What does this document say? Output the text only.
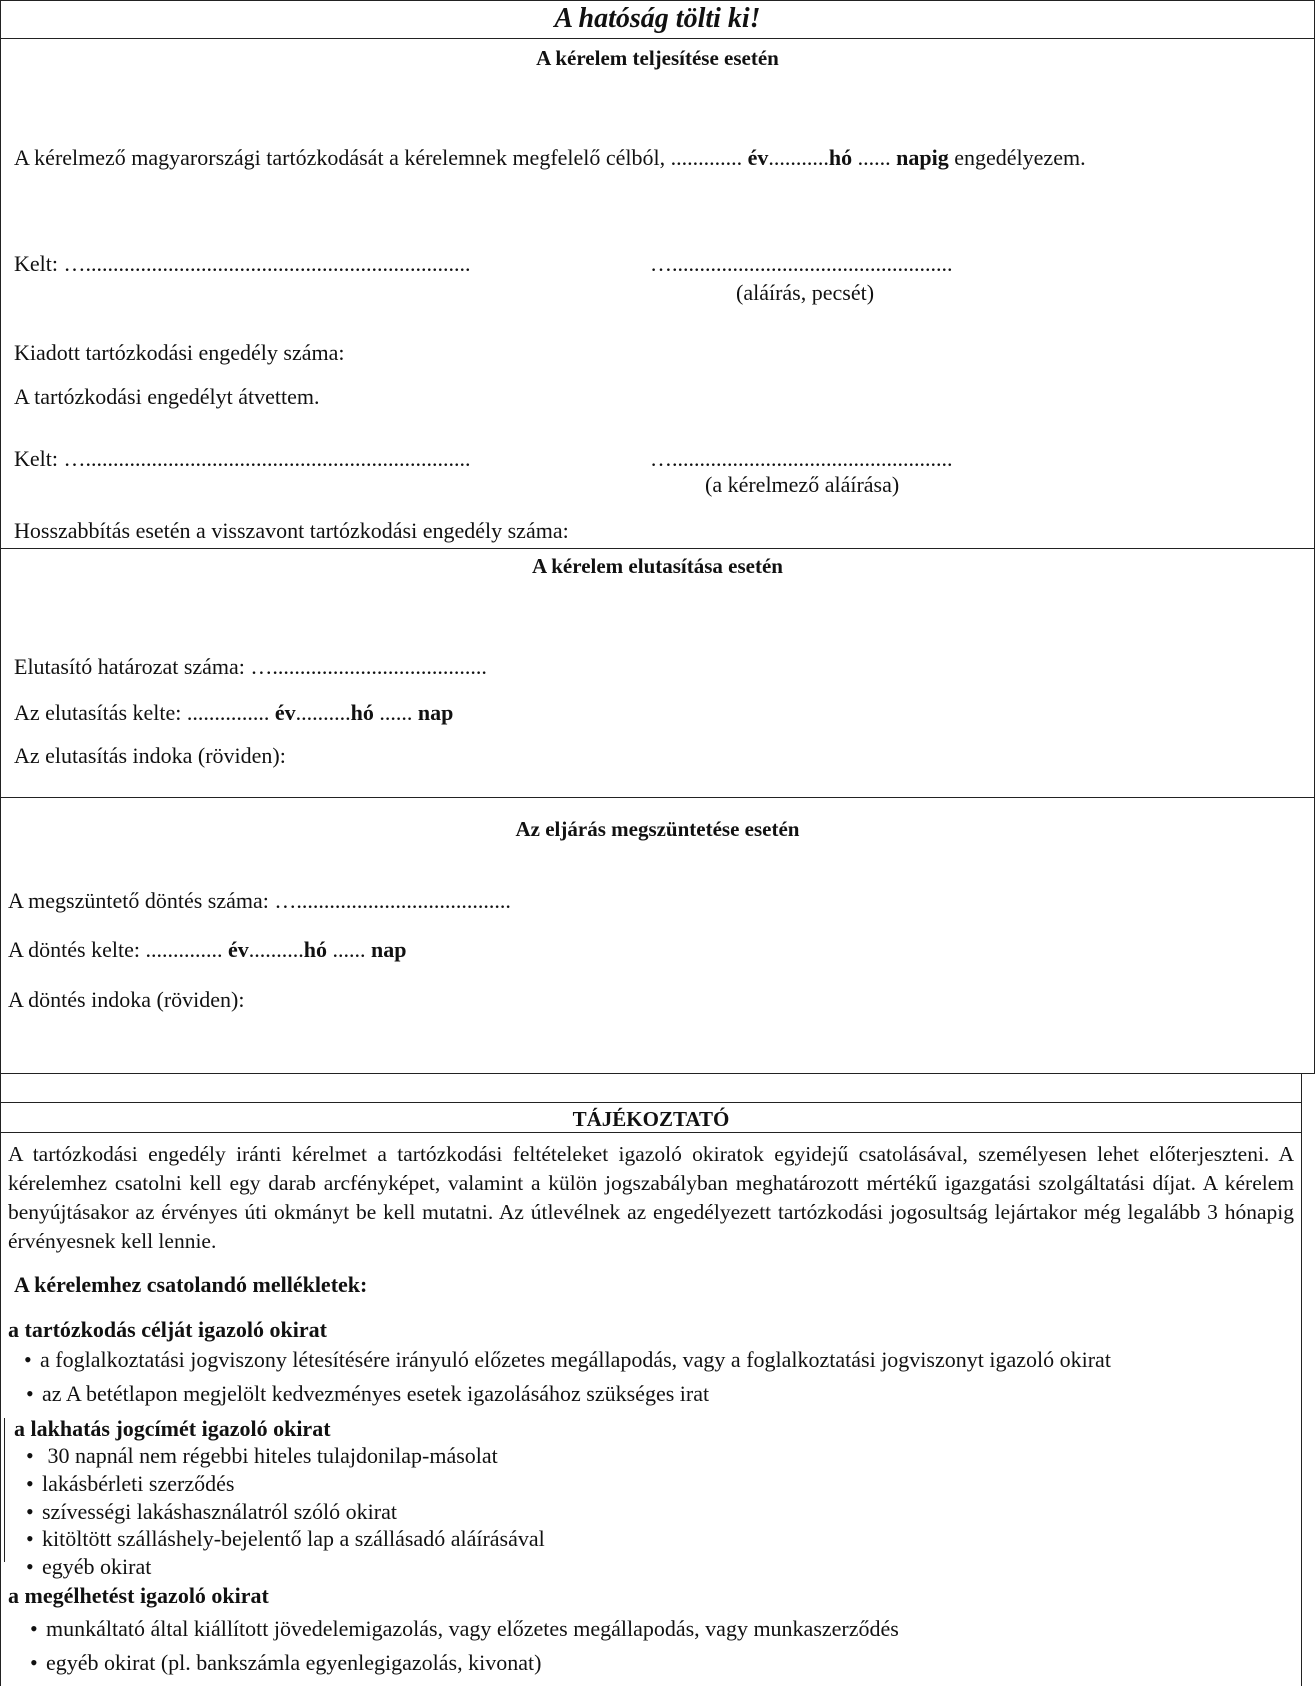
A hatóság tölti ki!
A kérelem teljesítése esetén
A kérelmező magyarországi tartózkodását a kérelemnek megfelelő célból, ............. év...........hó ...... napig engedélyezem.
Kelt: …......................................................................	…...................................................
(aláírás, pecsét)
Kiadott tartózkodási engedély száma:
A tartózkodási engedélyt átvettem.
Kelt: …......................................................................	…...................................................
(a kérelmező aláírása)
Hosszabbítás esetén a visszavont tartózkodási engedély száma:
A kérelem elutasítása esetén
Elutasító határozat száma: ….......................................
Az elutasítás kelte: ............... év..........hó ...... nap
Az elutasítás indoka (röviden):
Az eljárás megszüntetése esetén
A megszüntető döntés száma: ….......................................
A döntés kelte: .............. év..........hó ...... nap
A döntés indoka (röviden):
TÁJÉKOZTATÓ
A tartózkodási engedély iránti kérelmet a tartózkodási feltételeket igazoló okiratok egyidejű csatolásával, személyesen lehet előterjeszteni. A kérelemhez csatolni kell egy darab arcfényképet, valamint a külön jogszabályban meghatározott mértékű igazgatási szolgáltatási díjat. A kérelem benyújtásakor az érvényes úti okmányt be kell mutatni. Az útlevélnek az engedélyezett tartózkodási jogosultság lejártakor még legalább 3 hónapig érvényesnek kell lennie.
A kérelemhez csatolandó mellékletek:
a tartózkodás célját igazoló okirat
• a foglalkoztatási jogviszony létesítésére irányuló előzetes megállapodás, vagy a foglalkoztatási jogviszonyt igazoló okirat
• az A betétlapon megjelölt kedvezményes esetek igazolásához szükséges irat
a lakhatás jogcímét igazoló okirat
• 30 napnál nem régebbi hiteles tulajdonilap-másolat
• lakásbérleti szerződés
• szívességi lakáshasználatról szóló okirat
• kitöltött szálláshely-bejelentő lap a szállásadó aláírásával
• egyéb okirat
a megélhetést igazoló okirat
• munkáltató által kiállított jövedelemigazolás, vagy előzetes megállapodás, vagy munkaszerződés
• egyéb okirat (pl. bankszámla egyenlegigazolás, kivonat)
